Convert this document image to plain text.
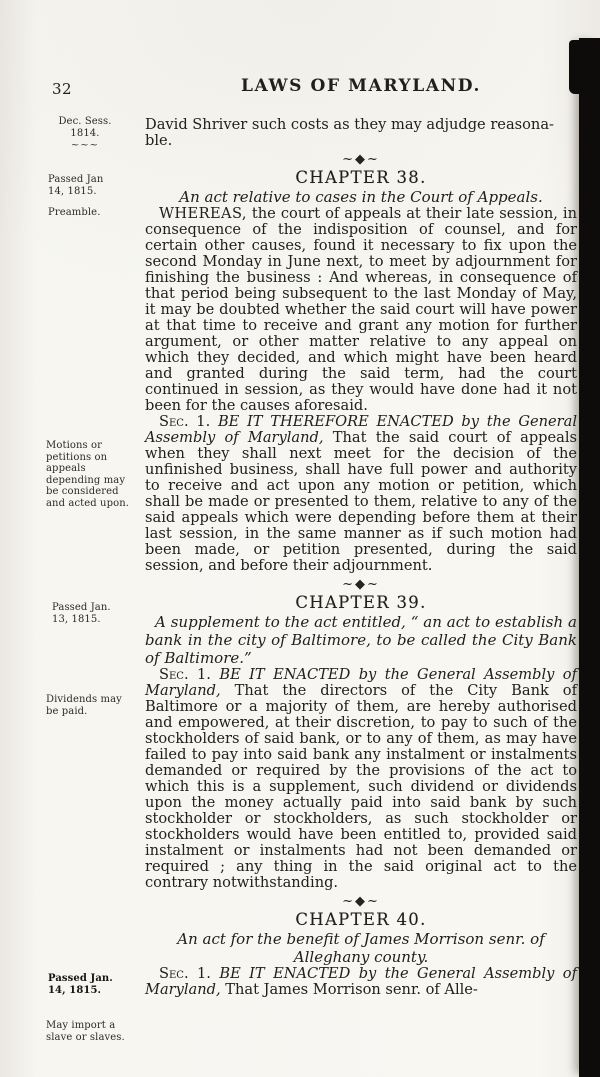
32	LAWS OF MARYLAND.
Dec. Sess. 1814.
~~~
Passed Jan 14, 1815.
Preamble.
Motions or petitions on appeals depending may be considered and acted upon.
Passed Jan. 13, 1815.
Dividends may be paid.
Passed Jan. 14, 1815.
May import a slave or slaves.

David Shriver such costs as they may adjudge reasona-
ble.

~◆~
CHAPTER 38.

An act relative to cases in the Court of Appeals.

WHEREAS, the court of appeals at their late session, in consequence of the indisposition of counsel, and for certain other causes, found it necessary to fix upon the second Monday in June next, to meet by adjournment for finishing the business : And whereas, in consequence of that period being subsequent to the last Monday of May, it may be doubted whether the said court will have power at that time to receive and grant any motion for further argument, or other matter relative to any appeal on which they decided, and which might have been heard and granted during the said term, had the court continued in session, as they would have done had it not been for the causes aforesaid.

Sec. 1. BE IT THEREFORE ENACTED by the General Assembly of Maryland, That the said court of appeals when they shall next meet for the decision of the unfinished business, shall have full power and authority to receive and act upon any motion or petition, which shall be made or presented to them, relative to any of the said appeals which were depending before them at their last session, in the same manner as if such motion had been made, or petition presented, during the said session, and before their adjournment.

~◆~
CHAPTER 39.

A supplement to the act entitled, “ an act to establish a bank in the city of Baltimore, to be called the City Bank of Baltimore.”

Sec. 1. BE IT ENACTED by the General Assembly of Maryland, That the directors of the City Bank of Baltimore or a majority of them, are hereby authorised and empowered, at their discretion, to pay to such of the stockholders of said bank, or to any of them, as may have failed to pay into said bank any instalment or instalments demanded or required by the provisions of the act to which this is a supplement, such dividend or dividends upon the money actually paid into said bank by such stockholder or stockholders, as such stockholder or stockholders would have been entitled to, provided said instalment or instalments had not been demanded or required ; any thing in the said original act to the contrary notwithstanding.

~◆~
CHAPTER 40.

An act for the benefit of James Morrison senr. of Alleghany county.

Sec. 1. BE IT ENACTED by the General Assembly of Maryland, That James Morrison senr. of Alle-
